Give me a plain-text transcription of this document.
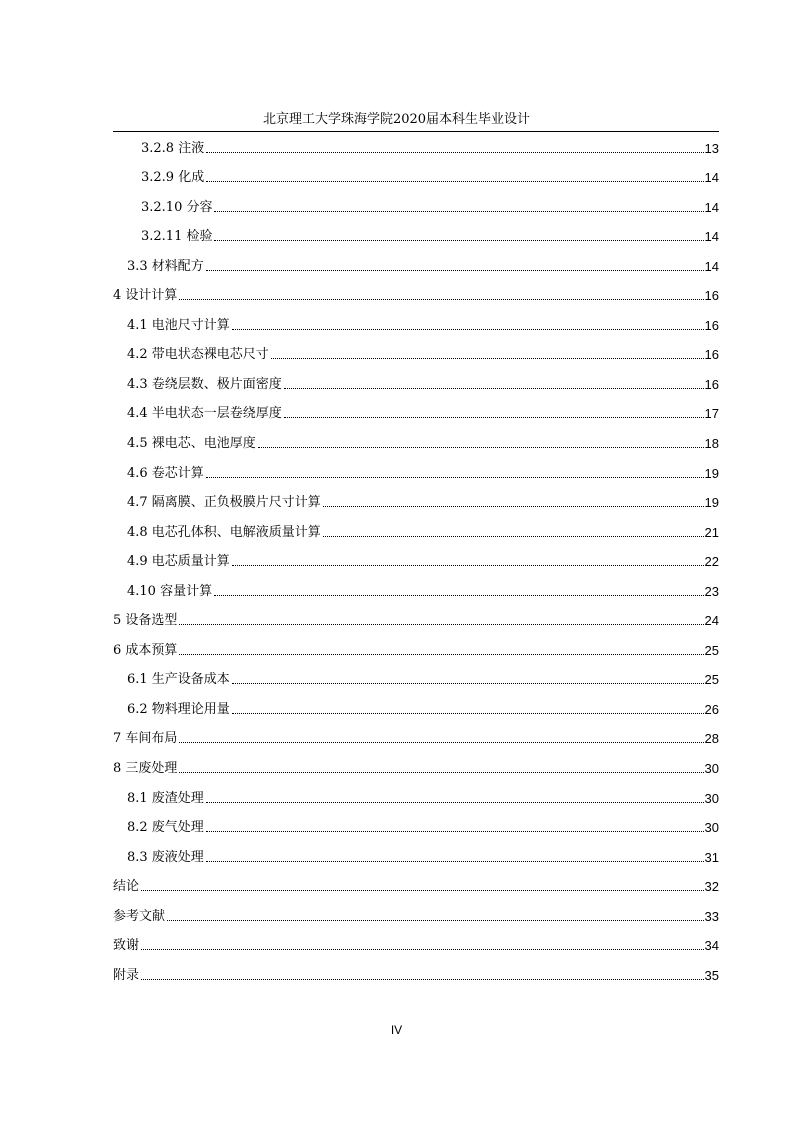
北京理工大学珠海学院2020届本科生毕业设计
3.2.8 注液	13
3.2.9 化成	14
3.2.10 分容	14
3.2.11 检验	14
3.3 材料配方	14
4 设计计算	16
4.1 电池尺寸计算	16
4.2 带电状态裸电芯尺寸	16
4.3 卷绕层数、极片面密度	16
4.4 半电状态一层卷绕厚度	17
4.5 裸电芯、电池厚度	18
4.6 卷芯计算	19
4.7 隔离膜、正负极膜片尺寸计算	19
4.8 电芯孔体积、电解液质量计算	21
4.9 电芯质量计算	22
4.10 容量计算	23
5 设备选型	24
6 成本预算	25
6.1 生产设备成本	25
6.2 物料理论用量	26
7 车间布局	28
8 三废处理	30
8.1 废渣处理	30
8.2 废气处理	30
8.3 废液处理	31
结论	32
参考文献	33
致谢	34
附录	35
IV
